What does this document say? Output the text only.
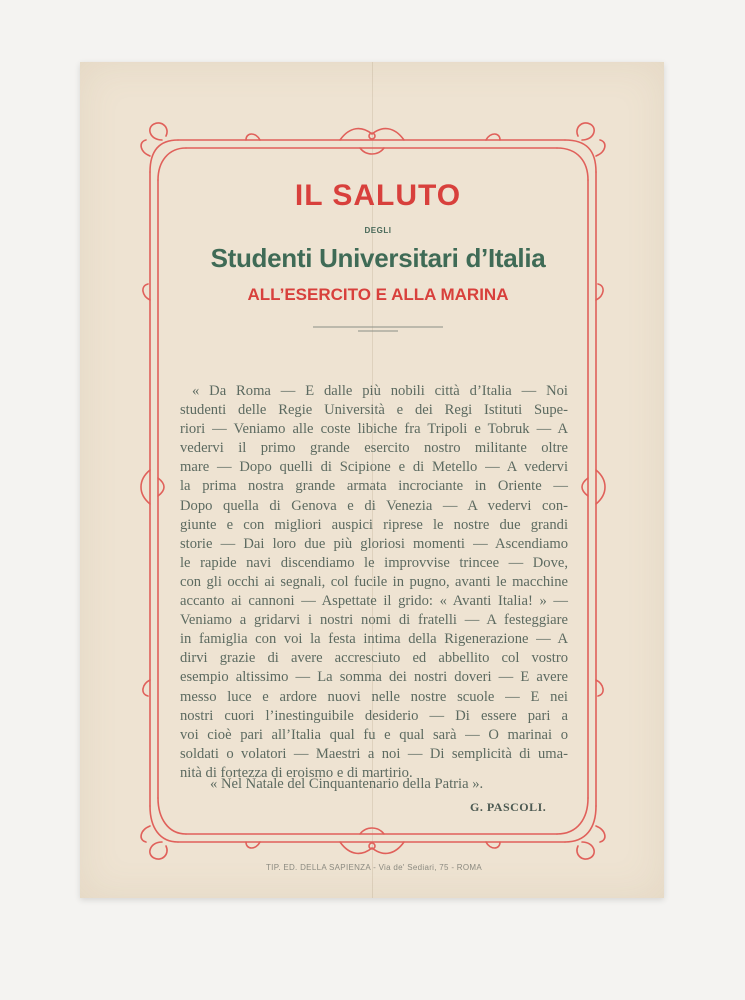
IL SALUTO
DEGLI
Studenti Universitari d’Italia
ALL’ESERCITO E ALLA MARINA
« Da Roma — E dalle più nobili città d’Italia — Noi
studenti delle Regie Università e dei Regi Istituti Supe-
riori — Veniamo alle coste libiche fra Tripoli e Tobruk — A
vedervi il primo grande esercito nostro militante oltre
mare — Dopo quelli di Scipione e di Metello — A vedervi
la prima nostra grande armata incrociante in Oriente —
Dopo quella di Genova e di Venezia — A vedervi con-
giunte e con migliori auspici riprese le nostre due grandi
storie — Dai loro due più gloriosi momenti — Ascendiamo
le rapide navi discendiamo le improvvise trincee — Dove,
con gli occhi ai segnali, col fucile in pugno, avanti le macchine
accanto ai cannoni — Aspettate il grido: « Avanti Italia! » —
Veniamo a gridarvi i nostri nomi di fratelli — A festeggiare
in famiglia con voi la festa intima della Rigenerazione — A
dirvi grazie di avere accresciuto ed abbellito col vostro
esempio altissimo — La somma dei nostri doveri — E avere
messo luce e ardore nuovi nelle nostre scuole — E nei
nostri cuori l’inestinguibile desiderio — Di essere pari a
voi cioè pari all’Italia qual fu e qual sarà — O marinai o
soldati o volatori — Maestri a noi — Di semplicità di uma-
nità di fortezza di eroismo e di martirio.
« Nel Natale del Cinquantenario della Patria ».
G. PASCOLI.
TIP. ED. DELLA SAPIENZA - Via de' Sediari, 75 - ROMA
